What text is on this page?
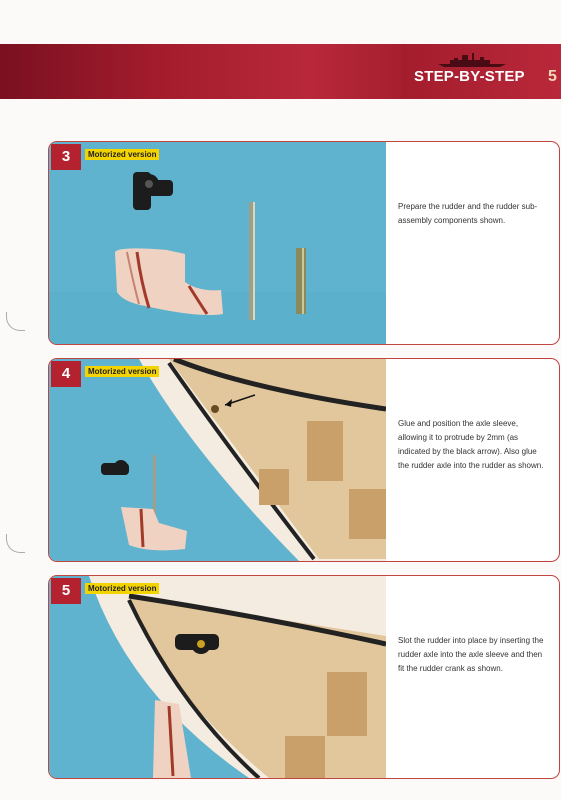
STEP-BY-STEP 5
3	Motorized version
Prepare the rudder and the rudder sub-assembly components shown.
4	Motorized version
Glue and position the axle sleeve, allowing it to protrude by 2mm (as indicated by the black arrow). Also glue the rudder axle into the rudder as shown.
5	Motorized version
Slot the rudder into place by inserting the rudder axle into the axle sleeve and then fit the rudder crank as shown.
